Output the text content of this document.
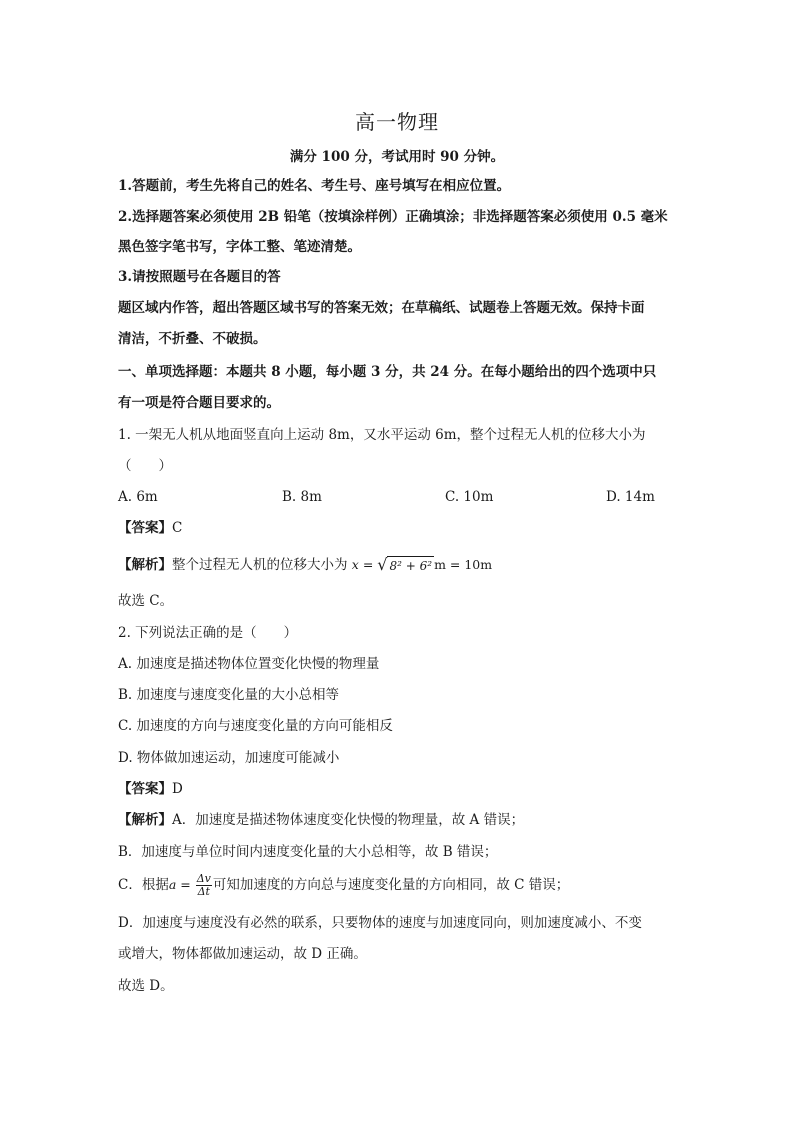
高一物理
满分 100 分，考试用时 90 分钟。
1.答题前，考生先将自己的姓名、考生号、座号填写在相应位置。
2.选择题答案必须使用 2B 铅笔（按填涂样例）正确填涂；非选择题答案必须使用 0.5 毫米
黑色签字笔书写，字体工整、笔迹清楚。
3.请按照题号在各题目的答
题区域内作答，超出答题区域书写的答案无效；在草稿纸、试题卷上答题无效。保持卡面
清洁，不折叠、不破损。
一、单项选择题：本题共 8 小题，每小题 3 分，共 24 分。在每小题给出的四个选项中只
有一项是符合题目要求的。
1. 一架无人机从地面竖直向上运动 8m，又水平运动 6m，整个过程无人机的位移大小为
（　　）
A. 6m	B. 8m	C. 10m	D. 14m
【答案】C
【解析】整个过程无人机的位移大小为 x = √ 8² + 6² m = 10m
故选 C。
2. 下列说法正确的是（　　）
A. 加速度是描述物体位置变化快慢的物理量
B. 加速度与速度变化量的大小总相等
C. 加速度的方向与速度变化量的方向可能相反
D. 物体做加速运动，加速度可能减小
【答案】D
【解析】A．加速度是描述物体速度变化快慢的物理量，故 A 错误；
B．加速度与单位时间内速度变化量的大小总相等，故 B 错误；
C．根据$a = \frac{\Delta v}{\Delta t}$ 可知加速度的方向总与速度变化量的方向相同，故 C 错误；
D．加速度与速度没有必然的联系，只要物体的速度与加速度同向，则加速度减小、不变
或增大，物体都做加速运动，故 D 正确。
故选 D。
